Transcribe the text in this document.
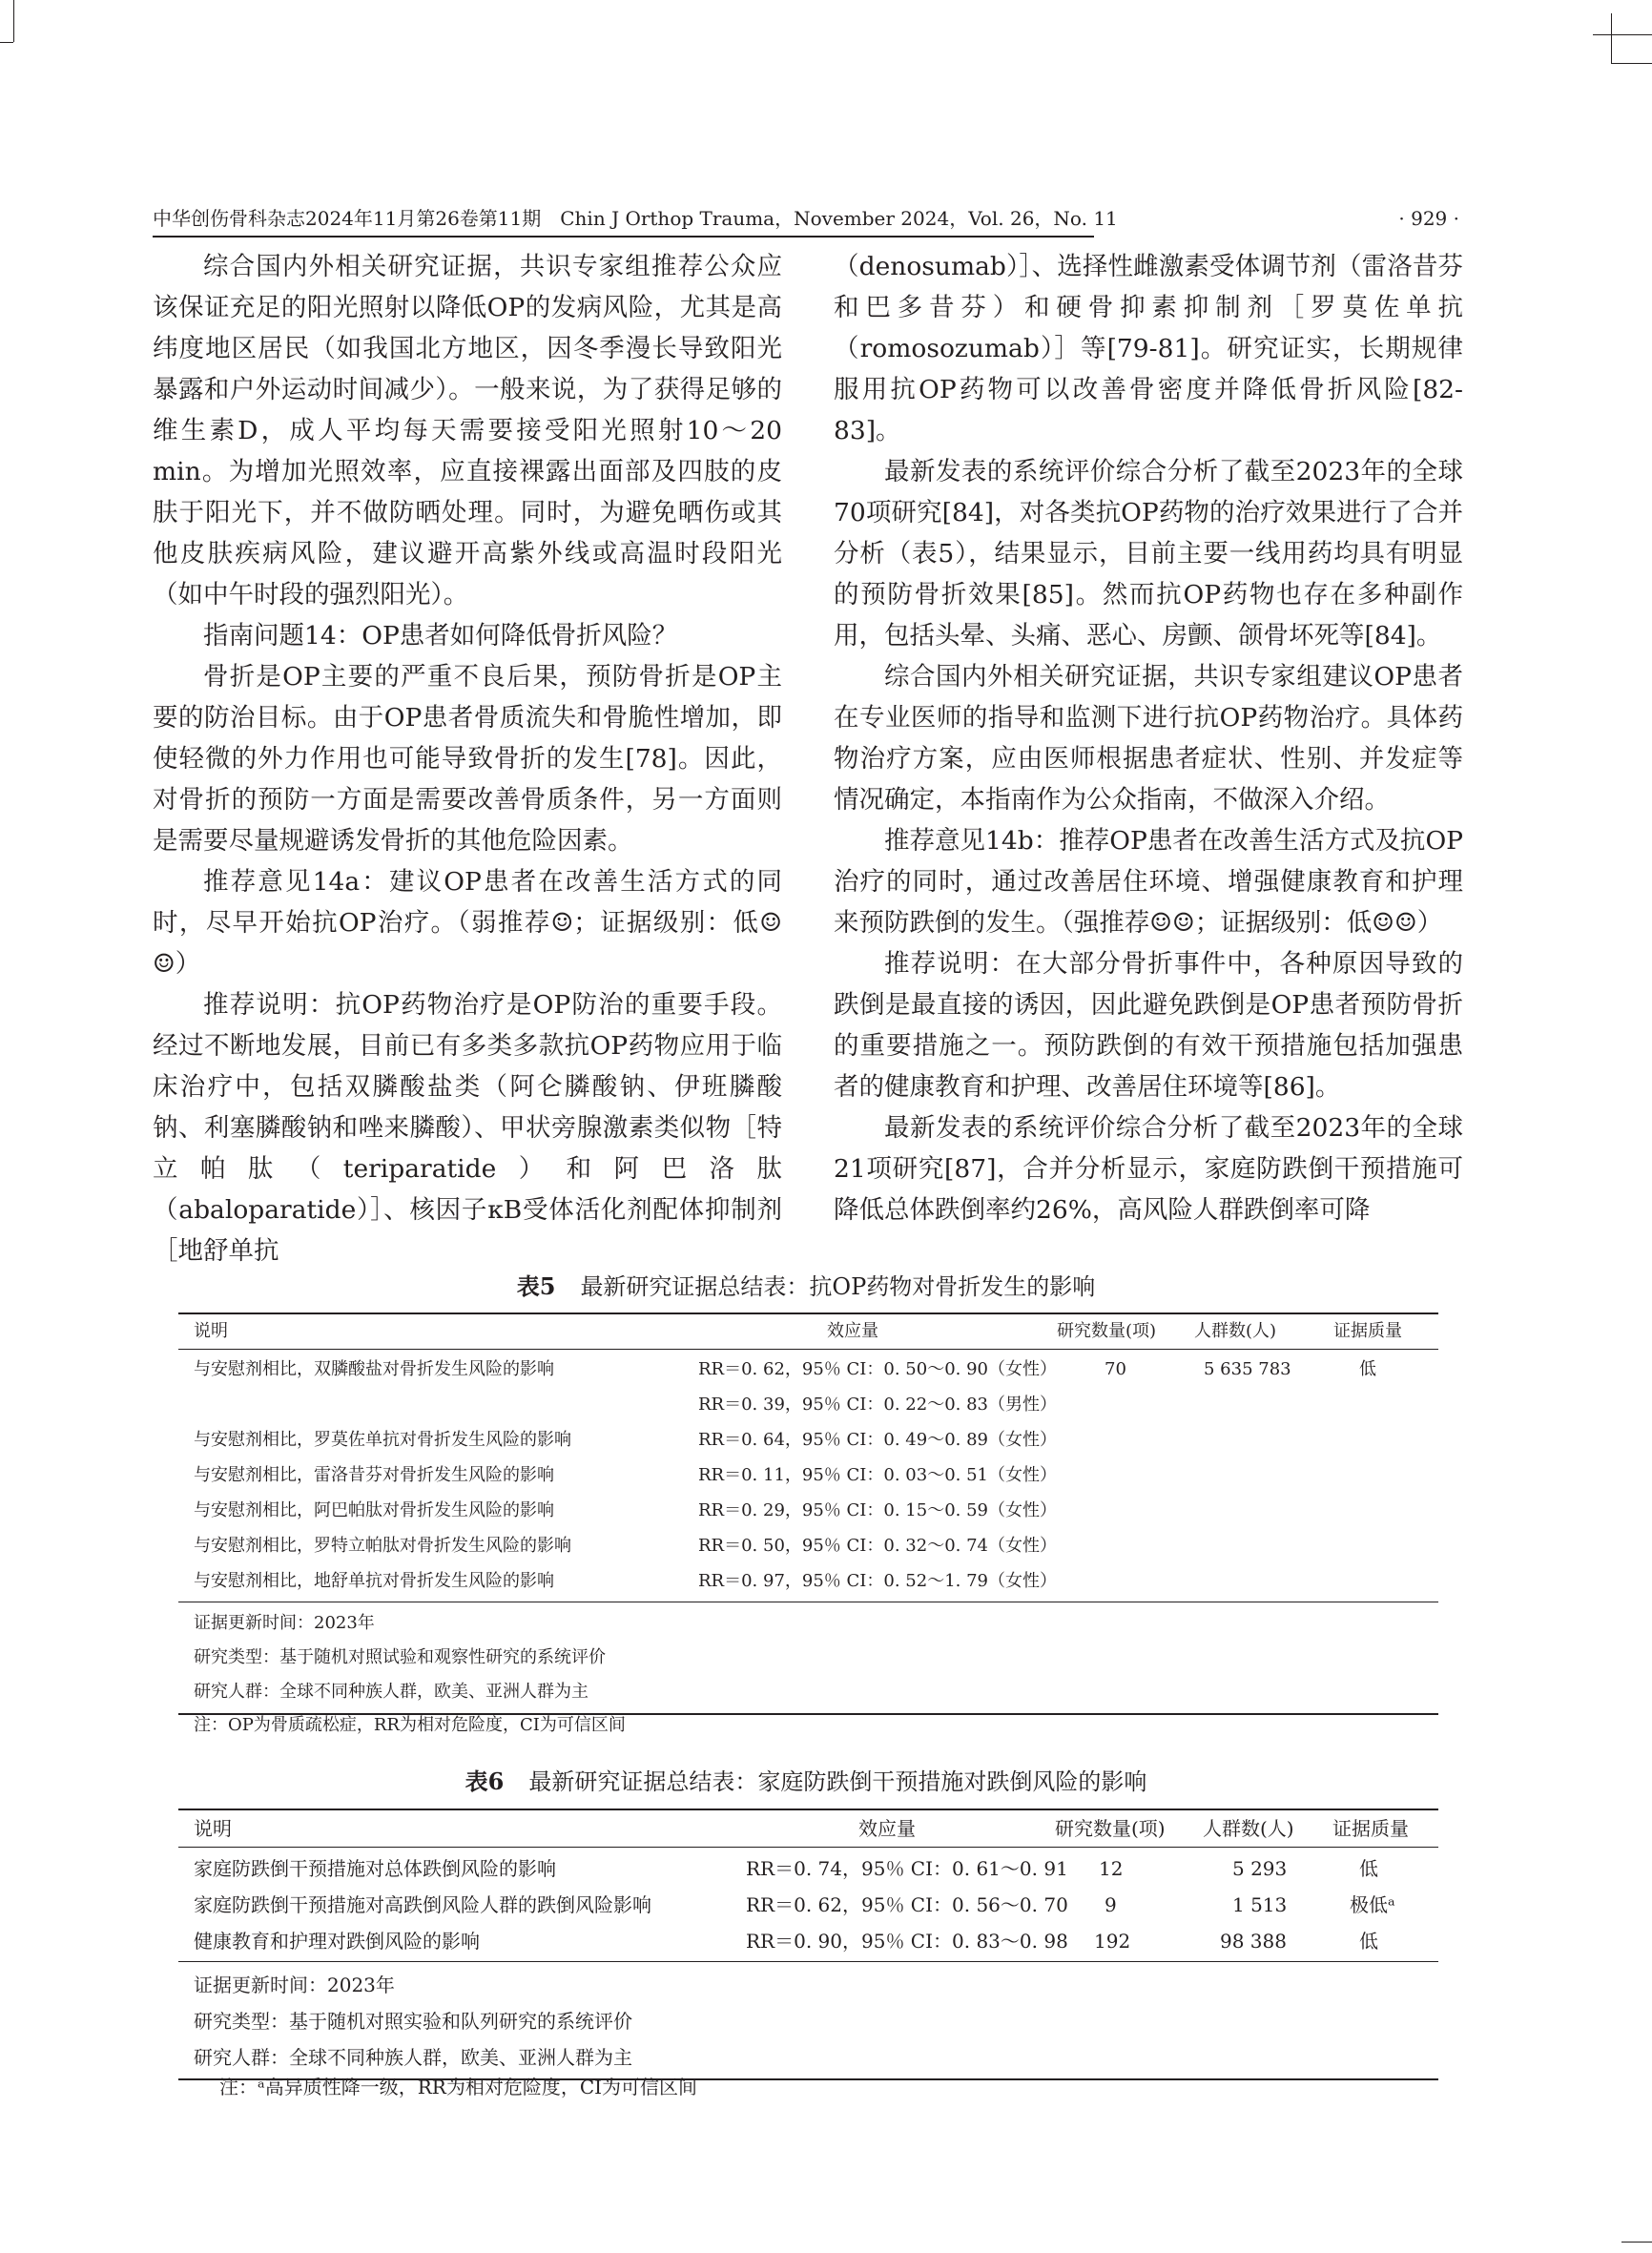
中华创伤骨科杂志2024年11月第26卷第11期　Chin J Orthop Trauma，November 2024，Vol. 26，No. 11	· 929 ·

综合国内外相关研究证据，共识专家组推荐公众应该保证充足的阳光照射以降低OP的发病风险，尤其是高纬度地区居民（如我国北方地区，因冬季漫长导致阳光暴露和户外运动时间减少）。一般来说，为了获得足够的维生素D，成人平均每天需要接受阳光照射10～20 min。为增加光照效率，应直接裸露出面部及四肢的皮肤于阳光下，并不做防晒处理。同时，为避免晒伤或其他皮肤疾病风险，建议避开高紫外线或高温时段阳光（如中午时段的强烈阳光）。

指南问题14：OP患者如何降低骨折风险？

骨折是OP主要的严重不良后果，预防骨折是OP主要的防治目标。由于OP患者骨质流失和骨脆性增加，即使轻微的外力作用也可能导致骨折的发生[78]。因此，对骨折的预防一方面是需要改善骨质条件，另一方面则是需要尽量规避诱发骨折的其他危险因素。

推荐意见14a：建议OP患者在改善生活方式的同时，尽早开始抗OP治疗。（弱推荐☺；证据级别：低☺☺）

推荐说明：抗OP药物治疗是OP防治的重要手段。经过不断地发展，目前已有多类多款抗OP药物应用于临床治疗中，包括双膦酸盐类（阿仑膦酸钠、伊班膦酸钠、利塞膦酸钠和唑来膦酸）、甲状旁腺激素类似物［特立帕肽（teriparatide）和阿巴洛肽（abaloparatide）］、核因子κB受体活化剂配体抑制剂［地舒单抗

（denosumab）］、选择性雌激素受体调节剂（雷洛昔芬和巴多昔芬）和硬骨抑素抑制剂［罗莫佐单抗（romosozumab）］等[79-81]。研究证实，长期规律服用抗OP药物可以改善骨密度并降低骨折风险[82-83]。

最新发表的系统评价综合分析了截至2023年的全球70项研究[84]，对各类抗OP药物的治疗效果进行了合并分析（表5），结果显示，目前主要一线用药均具有明显的预防骨折效果[85]。然而抗OP药物也存在多种副作用，包括头晕、头痛、恶心、房颤、颌骨坏死等[84]。

综合国内外相关研究证据，共识专家组建议OP患者在专业医师的指导和监测下进行抗OP药物治疗。具体药物治疗方案，应由医师根据患者症状、性别、并发症等情况确定，本指南作为公众指南，不做深入介绍。

推荐意见14b：推荐OP患者在改善生活方式及抗OP治疗的同时，通过改善居住环境、增强健康教育和护理来预防跌倒的发生。（强推荐☺☺；证据级别：低☺☺）

推荐说明：在大部分骨折事件中，各种原因导致的跌倒是最直接的诱因，因此避免跌倒是OP患者预防骨折的重要措施之一。预防跌倒的有效干预措施包括加强患者的健康教育和护理、改善居住环境等[86]。

最新发表的系统评价综合分析了截至2023年的全球21项研究[87]，合并分析显示，家庭防跌倒干预措施可降低总体跌倒率约26%，高风险人群跌倒率可降

表5 最新研究证据总结表：抗OP药物对骨折发生的影响
说明	效应量	研究数量(项) 人群数(人)	证据质量
与安慰剂相比，双膦酸盐对骨折发生风险的影响	RR＝0. 62，95％ CI：0. 50～0. 90（女性）	70	5 635 783	低
RR＝0. 39，95％ CI：0. 22～0. 83（男性）
与安慰剂相比，罗莫佐单抗对骨折发生风险的影响	RR＝0. 64，95％ CI：0. 49～0. 89（女性）
与安慰剂相比，雷洛昔芬对骨折发生风险的影响	RR＝0. 11，95％ CI：0. 03～0. 51（女性）
与安慰剂相比，阿巴帕肽对骨折发生风险的影响	RR＝0. 29，95％ CI：0. 15～0. 59（女性）
与安慰剂相比，罗特立帕肽对骨折发生风险的影响	RR＝0. 50，95％ CI：0. 32～0. 74（女性）
与安慰剂相比，地舒单抗对骨折发生风险的影响	RR＝0. 97，95％ CI：0. 52～1. 79（女性）
证据更新时间：2023年
研究类型：基于随机对照试验和观察性研究的系统评价
研究人群：全球不同种族人群，欧美、亚洲人群为主
注：OP为骨质疏松症，RR为相对危险度，CI为可信区间
表6 最新研究证据总结表：家庭防跌倒干预措施对跌倒风险的影响
说明	效应量	研究数量(项) 人群数(人) 证据质量
家庭防跌倒干预措施对总体跌倒风险的影响	RR＝0. 74，95％ CI：0. 61～0. 91 12	5 293	低
家庭防跌倒干预措施对高跌倒风险人群的跌倒风险影响	RR＝0. 62，95％ CI：0. 56～0. 70 9	1 513	极低ᵃ
健康教育和护理对跌倒风险的影响	RR＝0. 90，95％ CI：0. 83～0. 98 192	98 388	低
证据更新时间：2023年
研究类型：基于随机对照实验和队列研究的系统评价
研究人群：全球不同种族人群，欧美、亚洲人群为主
注：ᵃ高异质性降一级，RR为相对危险度，CI为可信区间
